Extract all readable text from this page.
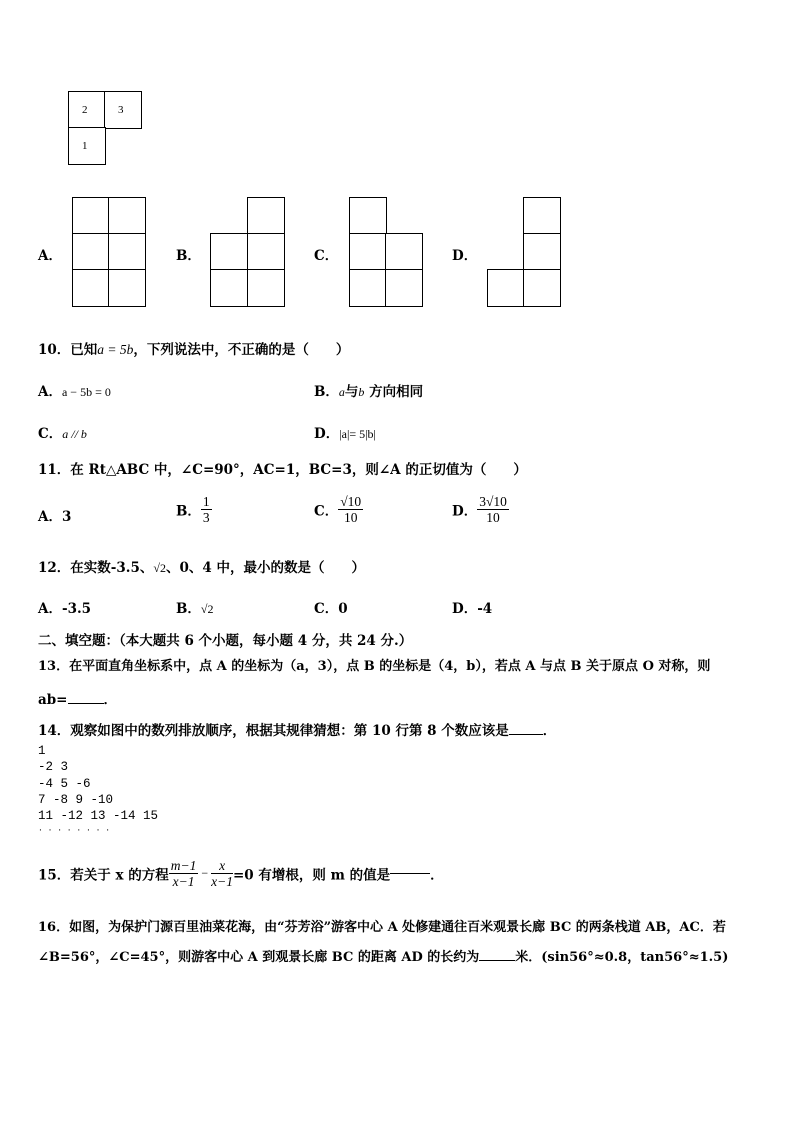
2	3
1
A．	B．	C．	D．
10．已知a = 5b，下列说法中，不正确的是（　　）
A．a − 5b = 0	B．a与b 方向相同
C．a // b	D．|a|= 5|b|
11．在 Rt△ABC 中，∠C=90°，AC=1，BC=3，则∠A 的正切值为（　　）
A．3	B． $\frac{1}{3}$	C． $\frac{√10}{10}$	D． $\frac{3√10}{10}$
12．在实数-3.5、√2、0、4 中，最小的数是（　　）
A．-3.5	B．√2	C．0	D．-4
二、填空题：（本大题共 6 个小题，每小题 4 分，共 24 分.）
13．在平面直角坐标系中，点 A 的坐标为（a，3），点 B 的坐标是（4，b），若点 A 与点 B 关于原点 O 对称，则
ab=	．
14．观察如图中的数列排放顺序，根据其规律猜想：第 10 行第 8 个数应该是	．
1
-2 3
-4 5 -6
7 -8 9 -10
11 -12 13 -14 15
· · · · · · · ·
15．若关于 x 的方程 $\frac{m-1}{x-1} - \frac{x}{x-1} =0$ 有增根，则 m 的值是	．
16．如图，为保护门源百里油菜花海，由“芬芳浴”游客中心 A 处修建通往百米观景长廊 BC 的两条栈道 AB，AC．若
∠B=56°，∠C=45°，则游客中心 A 到观景长廊 BC 的距离 AD 的长约为	米．(sin56°≈0.8，tan56°≈1.5)
